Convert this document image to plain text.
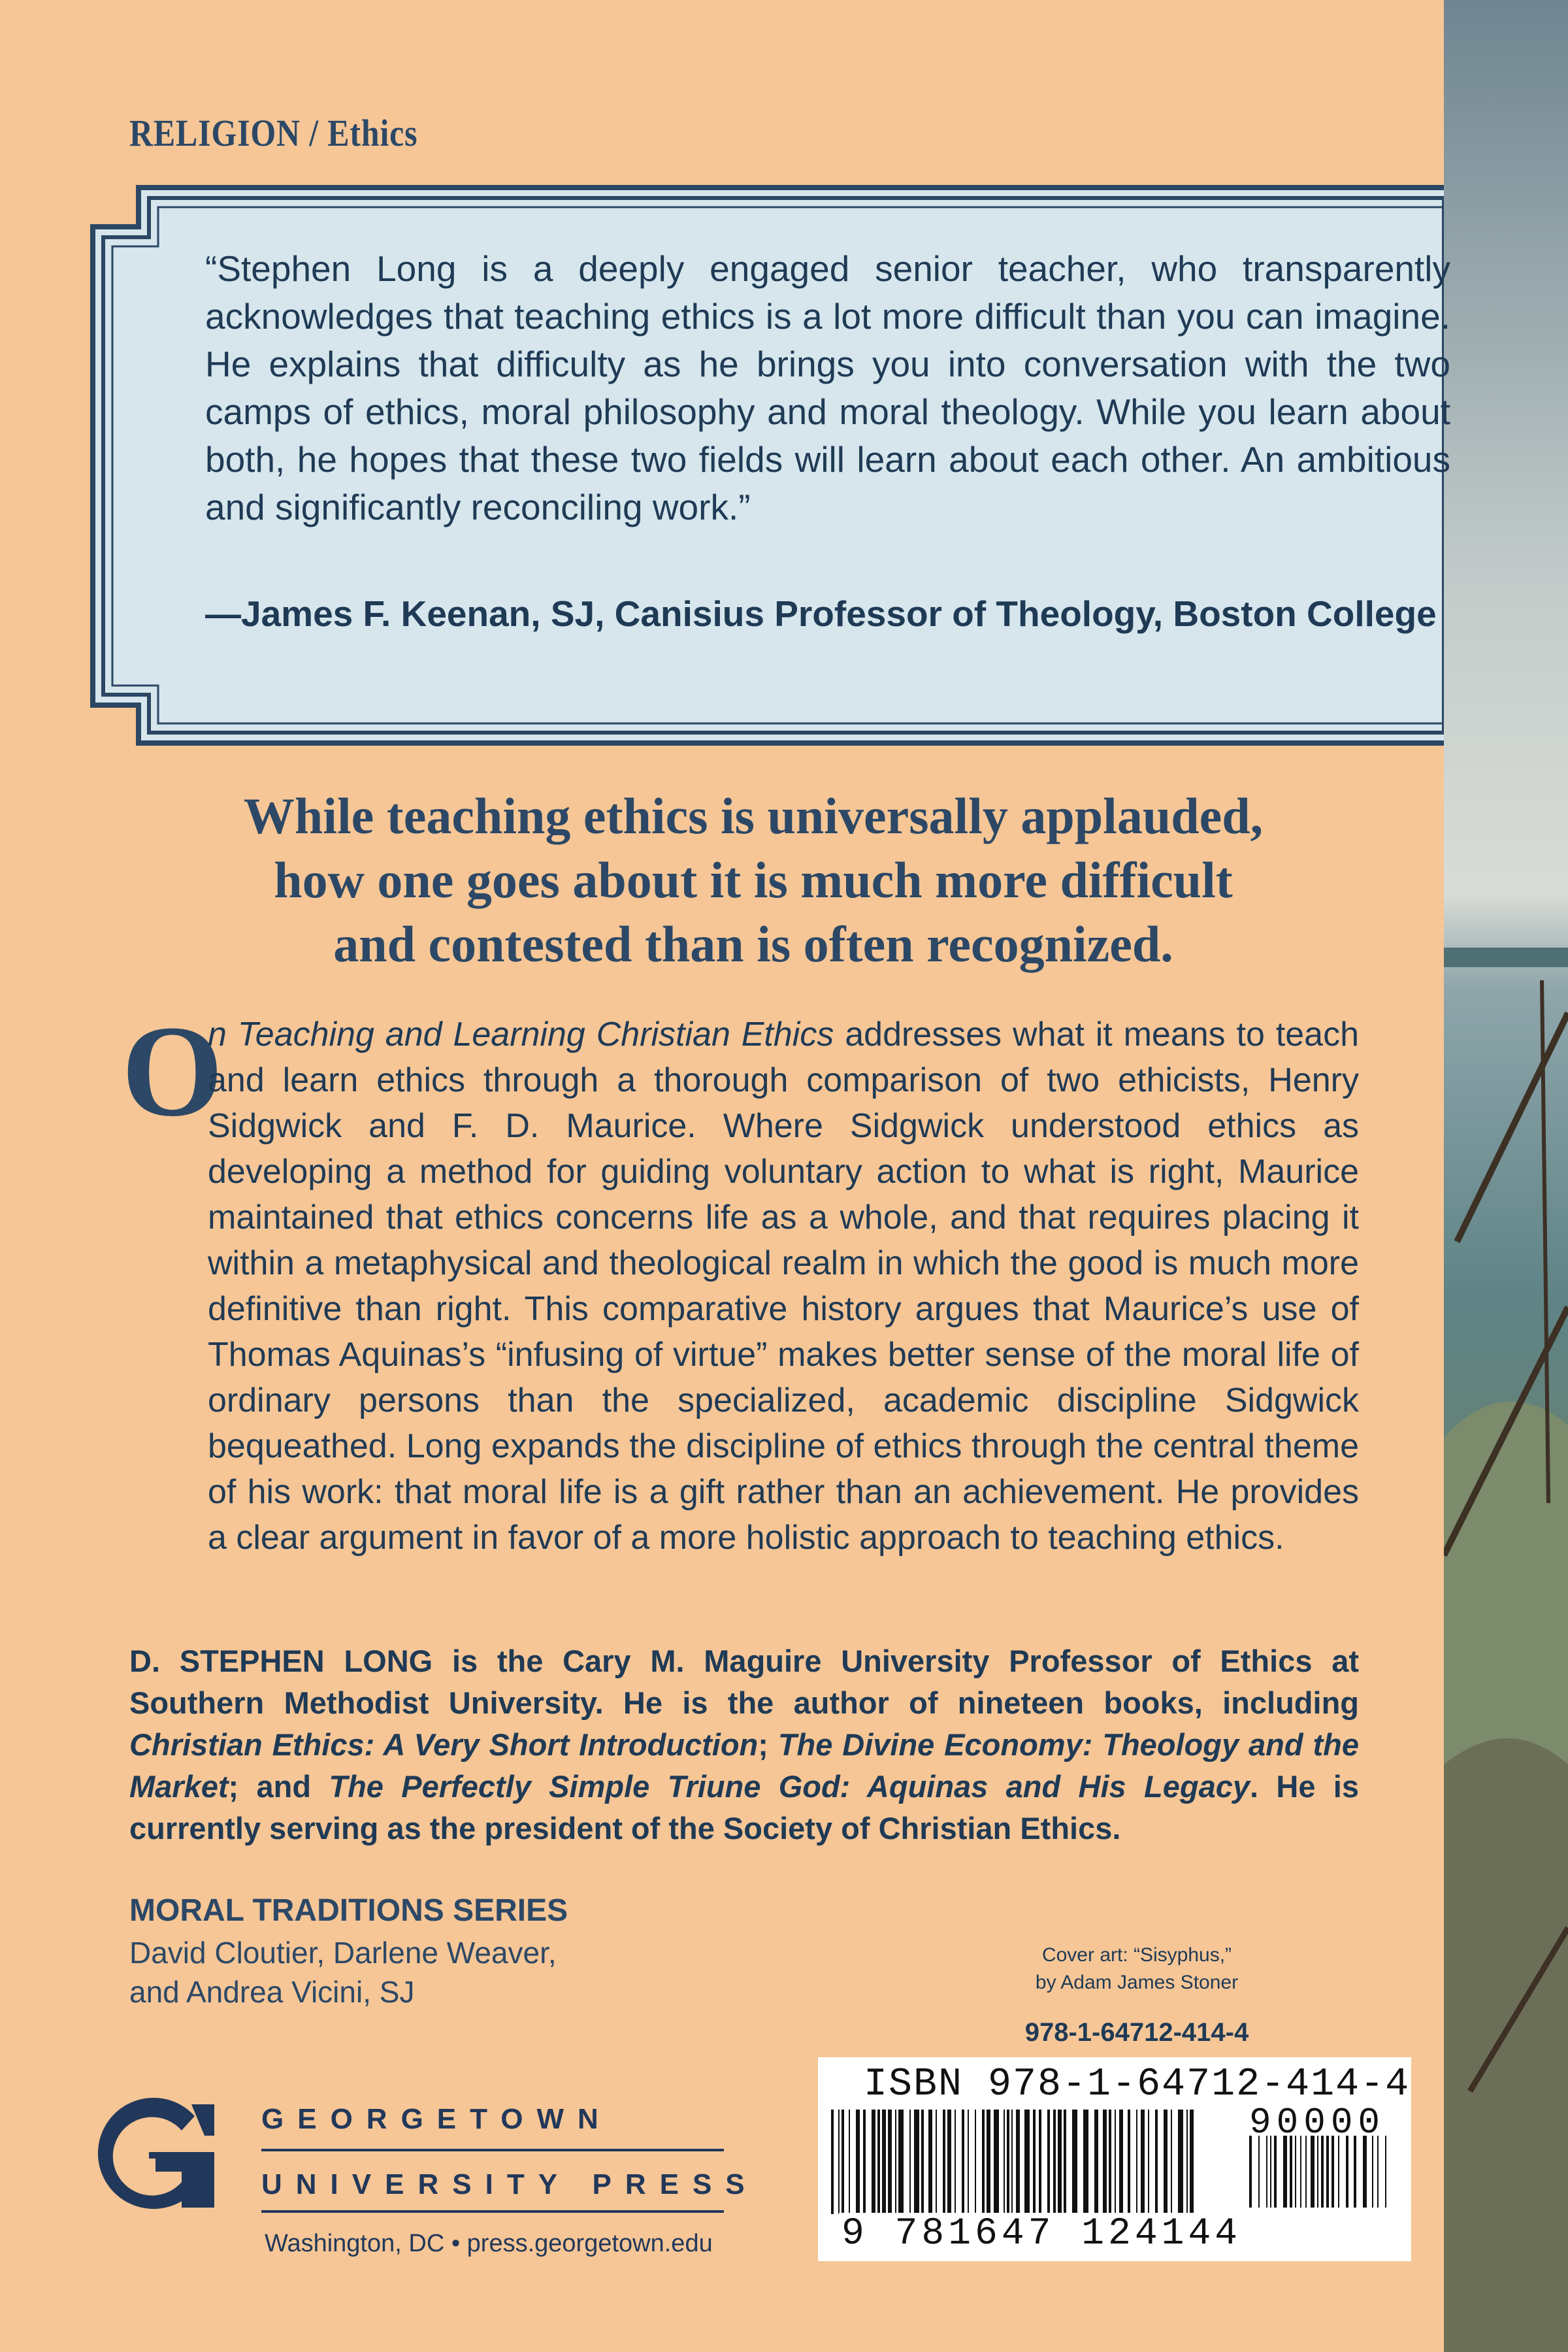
RELIGION / Ethics

“Stephen Long is a deeply engaged senior teacher, who transparently acknowledges that teaching ethics is a lot more difficult than you can imagine. He explains that difficulty as he brings you into conversation with the two camps of ethics, moral philosophy and moral theology. While you learn about both, he hopes that these two fields will learn about each other. An ambitious and significantly reconciling work.”

—James F. Keenan, SJ, Canisius Professor of Theology, Boston College

While teaching ethics is universally applauded,
how one goes about it is much more difficult
and contested than is often recognized.
O

n Teaching and Learning Christian Ethics addresses what it means to teach and learn ethics through a thorough comparison of two ethicists, Henry Sidgwick and F. D. Maurice. Where Sidgwick understood ethics as developing a method for guiding voluntary action to what is right, Maurice maintained that ethics concerns life as a whole, and that requires placing it within a metaphysical and theological realm in which the good is much more definitive than right. This comparative history argues that Maurice’s use of Thomas Aquinas’s “infusing of virtue” makes better sense of the moral life of ordinary persons than the specialized, academic discipline Sidgwick bequeathed. Long expands the discipline of ethics through the central theme of his work: that moral life is a gift rather than an achievement. He provides a clear argument in favor of a more holistic approach to teaching ethics.

D. STEPHEN LONG is the Cary M. Maguire University Professor of Ethics at Southern Methodist University. He is the author of nineteen books, including Christian Ethics: A Very Short Introduction; The Divine Economy: Theology and the Market; and The Perfectly Simple Triune God: Aquinas and His Legacy. He is currently serving as the president of the Society of Christian Ethics.

MORAL TRADITIONS SERIES

David Cloutier, Darlene Weaver,
and Andrea Vicini, SJ

Cover art: “Sisyphus,”
by Adam James Stoner

978-1-64712-414-4
ISBN 978-1-64712-414-4
90000
9 781647 124144
GEORGETOWN
UNIVERSITY PRESS
Washington, DC • press.georgetown.edu
